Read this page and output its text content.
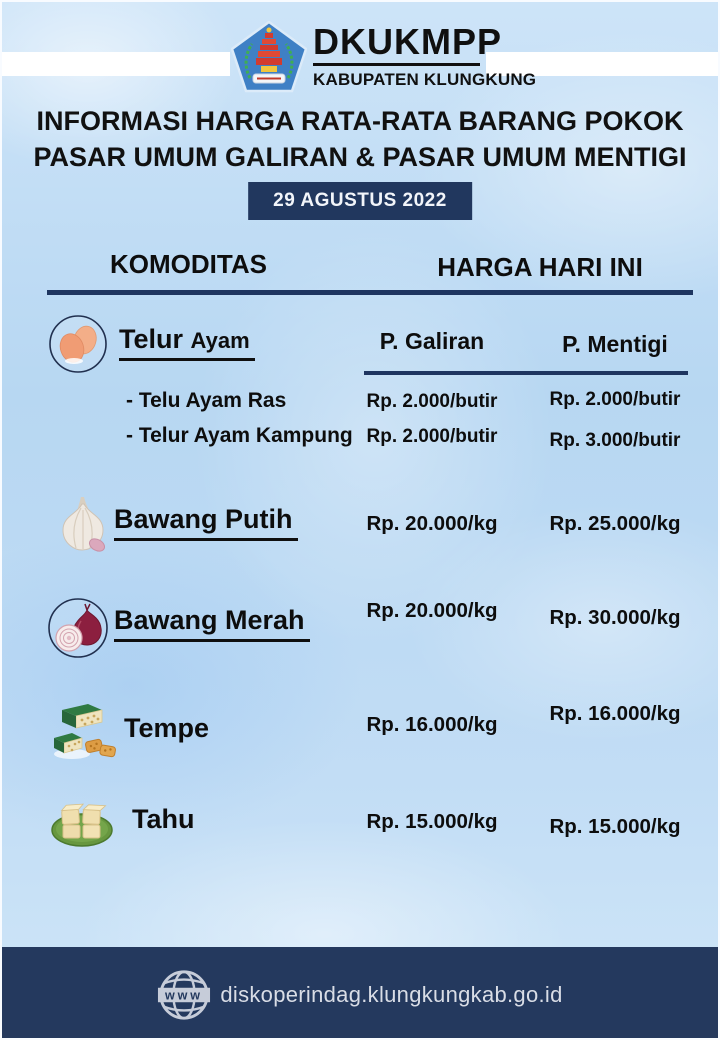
DKUKMPP
KABUPATEN KLUNGKUNG
INFORMASI HARGA RATA-RATA BARANG POKOK
PASAR UMUM GALIRAN & PASAR UMUM MENTIGI
29 AGUSTUS 2022
KOMODITAS	HARGA HARI INI
Telur Ayam	P. Galiran	P. Mentigi
- Telu Ayam Ras	Rp. 2.000/butir	Rp. 2.000/butir
- Telur Ayam Kampung Rp. 2.000/butir	Rp. 3.000/butir
Bawang Putih	Rp. 20.000/kg	Rp. 25.000/kg
Bawang Merah	Rp. 20.000/kg	Rp. 30.000/kg
Tempe	Rp. 16.000/kg	Rp. 16.000/kg
Tahu	Rp. 15.000/kg	Rp. 15.000/kg
www diskoperindag.klungkungkab.go.id
